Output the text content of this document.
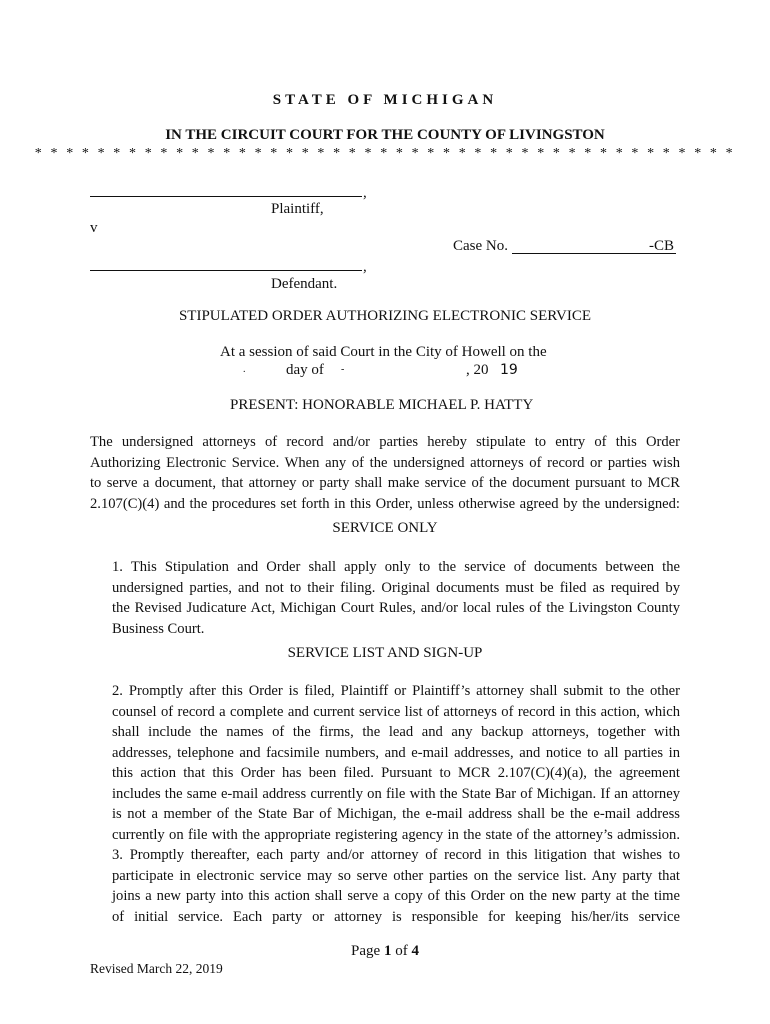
STATE OF MICHIGAN
IN THE CIRCUIT COURT FOR THE COUNTY OF LIVINGSTON
* * * * * * * * * * * * * * * * * * * * * * * * * * * * * * * * * * * * * * * * * * * * *
,
Plaintiff,
v
Case No.	-CB
,
Defendant.
STIPULATED ORDER AUTHORIZING ELECTRONIC SERVICE
At a session of said Court in the City of Howell on the
.	day of -	, 20 19
PRESENT: HONORABLE MICHAEL P. HATTY
The undersigned attorneys of record and/or parties hereby stipulate to entry of this Order
Authorizing Electronic Service. When any of the undersigned attorneys of record or parties wish
to serve a document, that attorney or party shall make service of the document pursuant to MCR
2.107(C)(4) and the procedures set forth in this Order, unless otherwise agreed by the undersigned:
SERVICE ONLY
1. This Stipulation and Order shall apply only to the service of documents between the
undersigned parties, and not to their filing. Original documents must be filed as required by
the Revised Judicature Act, Michigan Court Rules, and/or local rules of the Livingston County
Business Court.
SERVICE LIST AND SIGN-UP
2. Promptly after this Order is filed, Plaintiff or Plaintiff’s attorney shall submit to the other
counsel of record a complete and current service list of attorneys of record in this action, which
shall include the names of the firms, the lead and any backup attorneys, together with
addresses, telephone and facsimile numbers, and e-mail addresses, and notice to all parties in
this action that this Order has been filed. Pursuant to MCR 2.107(C)(4)(a), the agreement
includes the same e-mail address currently on file with the State Bar of Michigan. If an attorney
is not a member of the State Bar of Michigan, the e-mail address shall be the e-mail address
currently on file with the appropriate registering agency in the state of the attorney’s admission.
3. Promptly thereafter, each party and/or attorney of record in this litigation that wishes to
participate in electronic service may so serve other parties on the service list. Any party that
joins a new party into this action shall serve a copy of this Order on the new party at the time
of initial service. Each party or attorney is responsible for keeping his/her/its service
Page 1 of 4
Revised March 22, 2019
